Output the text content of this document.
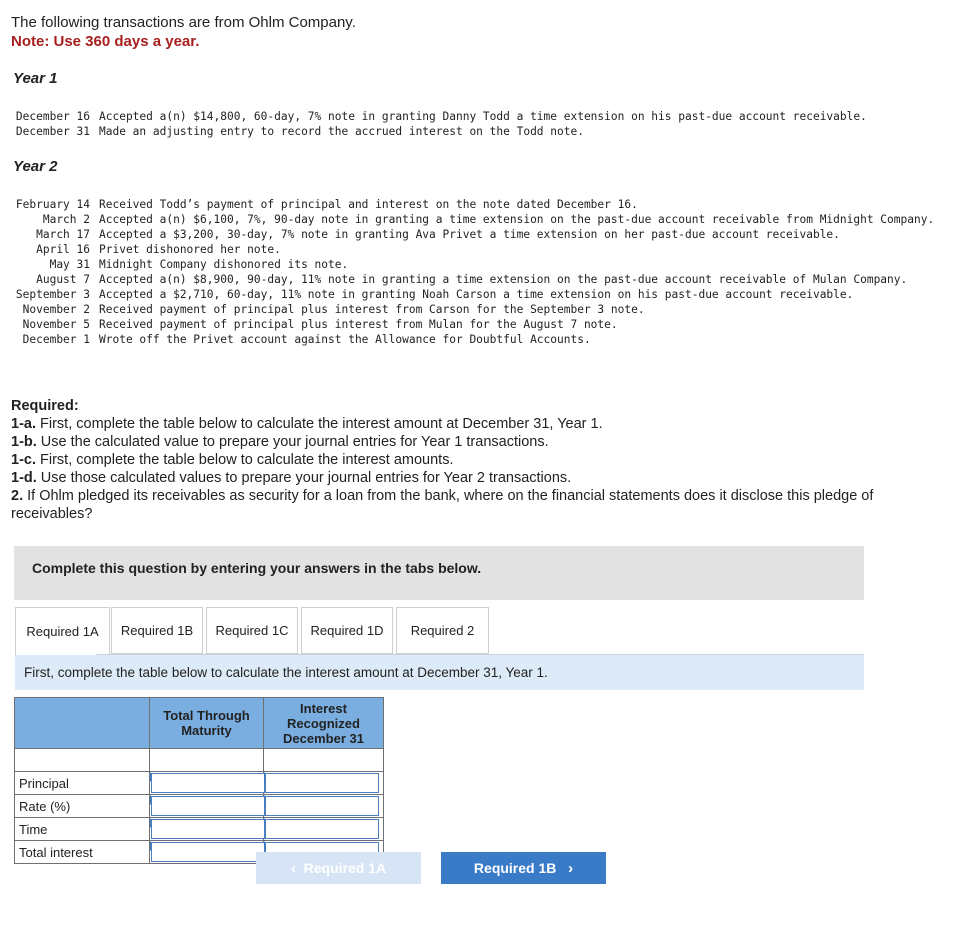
The following transactions are from Ohlm Company.
Note: Use 360 days a year.
Year 1
December 16 Accepted a(n) $14,800, 60-day, 7% note in granting Danny Todd a time extension on his past-due account receivable.
December 31 Made an adjusting entry to record the accrued interest on the Todd note.
Year 2
February 14 Received Todd’s payment of principal and interest on the note dated December 16.
March 2 Accepted a(n) $6,100, 7%, 90-day note in granting a time extension on the past-due account receivable from Midnight Company.
March 17 Accepted a $3,200, 30-day, 7% note in granting Ava Privet a time extension on her past-due account receivable.
April 16 Privet dishonored her note.
May 31 Midnight Company dishonored its note.
August 7 Accepted a(n) $8,900, 90-day, 11% note in granting a time extension on the past-due account receivable of Mulan Company.
September 3 Accepted a $2,710, 60-day, 11% note in granting Noah Carson a time extension on his past-due account receivable.
November 2 Received payment of principal plus interest from Carson for the September 3 note.
November 5 Received payment of principal plus interest from Mulan for the August 7 note.
December 1 Wrote off the Privet account against the Allowance for Doubtful Accounts.
Required:
1-a. First, complete the table below to calculate the interest amount at December 31, Year 1.
1-b. Use the calculated value to prepare your journal entries for Year 1 transactions.
1-c. First, complete the table below to calculate the interest amounts.
1-d. Use those calculated values to prepare your journal entries for Year 2 transactions.
2. If Ohlm pledged its receivables as security for a loan from the bank, where on the financial statements does it disclose this pledge of receivables?
Complete this question by entering your answers in the tabs below.
Required 1A	Required 1B	Required 1C	Required 1D	Required 2
First, complete the table below to calculate the interest amount at December 31, Year 1.
	Total Through Maturity	Interest Recognized December 31

Principal	

Rate (%)	

Time	

Total interest	

‹
Required 1A	Required 1B
›
